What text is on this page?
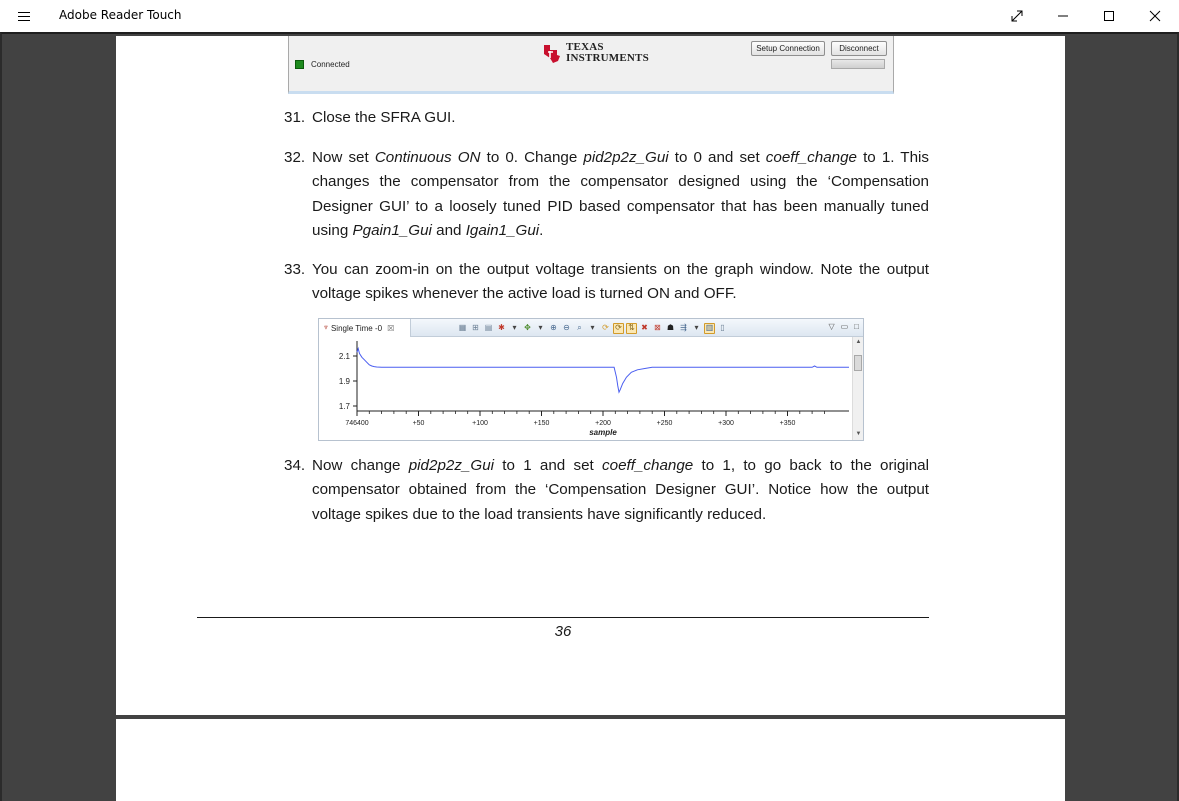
Adobe Reader Touch
Connected
TEXAS
INSTRUMENTS
Setup Connection	Disconnect
31. Close the SFRA GUI.
32. Now set Continuous ON to 0. Change pid2p2z_Gui to 0 and set coeff_change to 1. This changes the compensator from the compensator designed using the ‘Compensation Designer GUI’ to a loosely tuned PID based compensator that has been manually tuned using Pgain1_Gui and Igain1_Gui.
33. You can zoom-in on the output voltage transients on the graph window. Note the output voltage spikes whenever the active load is turned ON and OFF.
⩔ Single Time -0 ☒	▦ ⊞ ▤ ✱ ▾ ✥ ▾ ⊕ ⊖ ⌕	▾ ⟳ ⟳ ⇅ ✖ ⊠ ☗ ⇶ ▾ ▥ ▯	▽ ▭ □
2.1
1.9
1.7
746400	+50	+100	+150	+200	+250	+300	+350
sample
▲
▼
34. Now change pid2p2z_Gui to 1 and set coeff_change to 1, to go back to the original compensator obtained from the ‘Compensation Designer GUI’. Notice how the output voltage spikes due to the load transients have significantly reduced.
36
